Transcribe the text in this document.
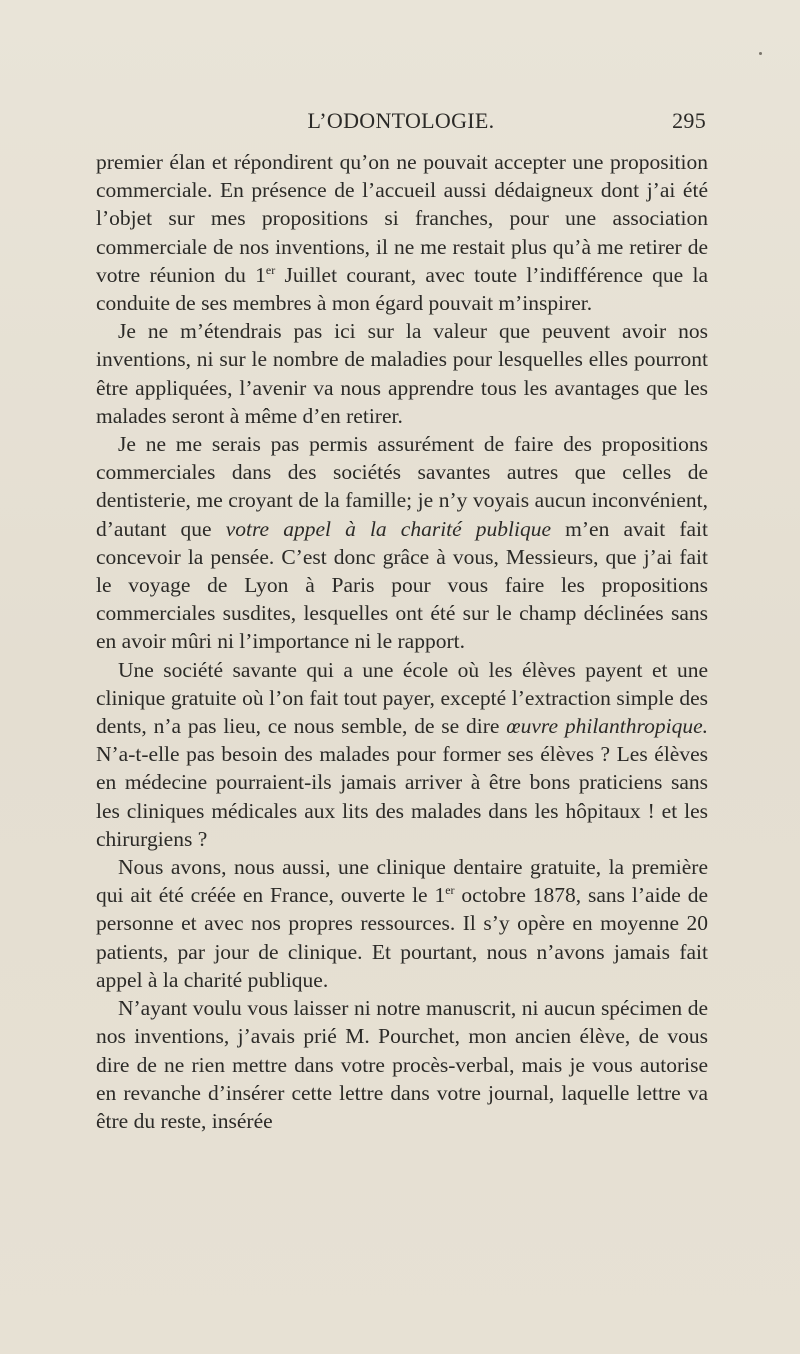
L’ODONTOLOGIE.	295

premier élan et répondirent qu’on ne pouvait accepter une proposition commerciale. En présence de l’accueil aussi dédaigneux dont j’ai été l’objet sur mes propositions si franches, pour une association commerciale de nos inventions, il ne me restait plus qu’à me retirer de votre réunion du 1er Juillet courant, avec toute l’indifférence que la conduite de ses membres à mon égard pouvait m’inspirer.

Je ne m’étendrais pas ici sur la valeur que peuvent avoir nos inventions, ni sur le nombre de maladies pour lesquelles elles pourront être appliquées, l’avenir va nous apprendre tous les avantages que les malades seront à même d’en retirer.

Je ne me serais pas permis assurément de faire des propositions commerciales dans des sociétés savantes autres que celles de dentisterie, me croyant de la famille; je n’y voyais aucun inconvénient, d’autant que votre appel à la charité publique m’en avait fait concevoir la pensée. C’est donc grâce à vous, Messieurs, que j’ai fait le voyage de Lyon à Paris pour vous faire les propositions commerciales susdites, lesquelles ont été sur le champ déclinées sans en avoir mûri ni l’importance ni le rapport.

Une société savante qui a une école où les élèves payent et une clinique gratuite où l’on fait tout payer, excepté l’extraction simple des dents, n’a pas lieu, ce nous semble, de se dire œuvre philanthropique. N’a-t-elle pas besoin des malades pour former ses élèves ? Les élèves en médecine pourraient-ils jamais arriver à être bons praticiens sans les cliniques médicales aux lits des malades dans les hôpitaux ! et les chirurgiens ?

Nous avons, nous aussi, une clinique dentaire gratuite, la première qui ait été créée en France, ouverte le 1er octobre 1878, sans l’aide de personne et avec nos propres ressources. Il s’y opère en moyenne 20 patients, par jour de clinique. Et pourtant, nous n’avons jamais fait appel à la charité publique.

N’ayant voulu vous laisser ni notre manuscrit, ni aucun spécimen de nos inventions, j’avais prié M. Pourchet, mon ancien élève, de vous dire de ne rien mettre dans votre procès-verbal, mais je vous autorise en revanche d’insérer cette lettre dans votre journal, laquelle lettre va être du reste, insérée
